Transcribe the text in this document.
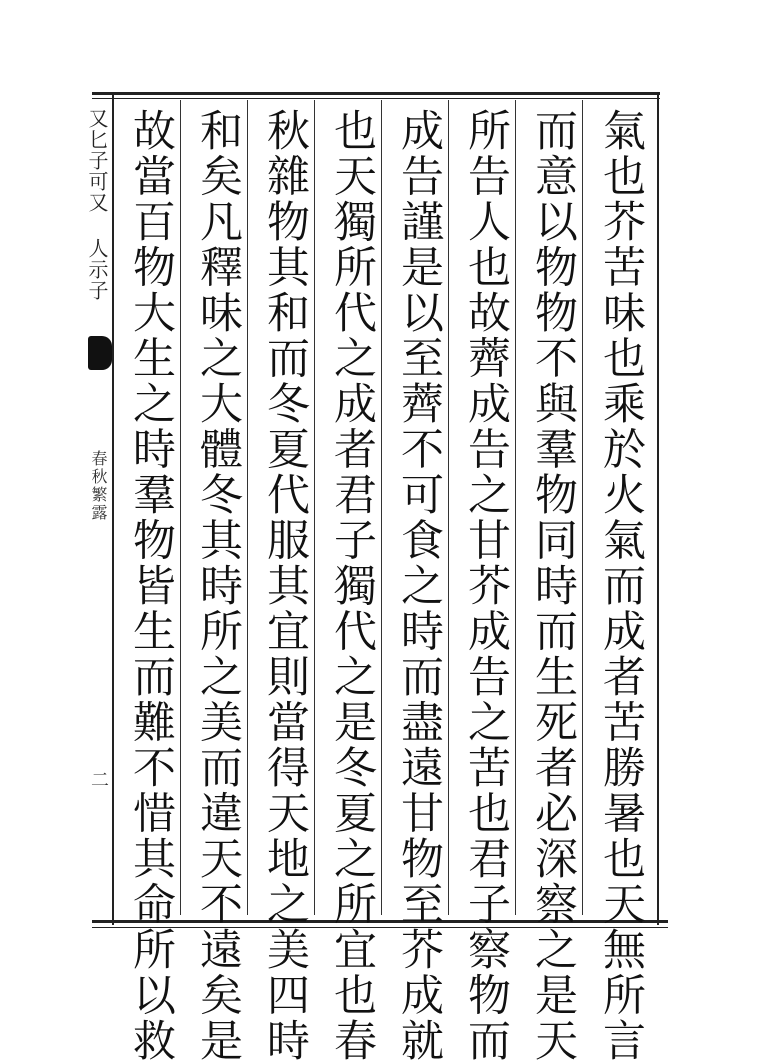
又匕子可又 人示子
春秋繁露
二	氣也芥苦味也乘於火氣而成者苦勝暑也天無所言
而意以物物不與羣物同時而生死者必深察之是天
所告人也故薺成告之甘芥成告之苦也君子察物而
成告謹是以至薺不可食之時而盡遠甘物至芥成就
也天獨所代之成者君子獨代之是冬夏之所宜也春
秋雜物其和而冬夏代服其宜則當得天地之美四時
和矣凡釋味之大體冬其時所之美而違天不遠矣是
故當百物大生之時羣物皆生而難不惜其命所以救
